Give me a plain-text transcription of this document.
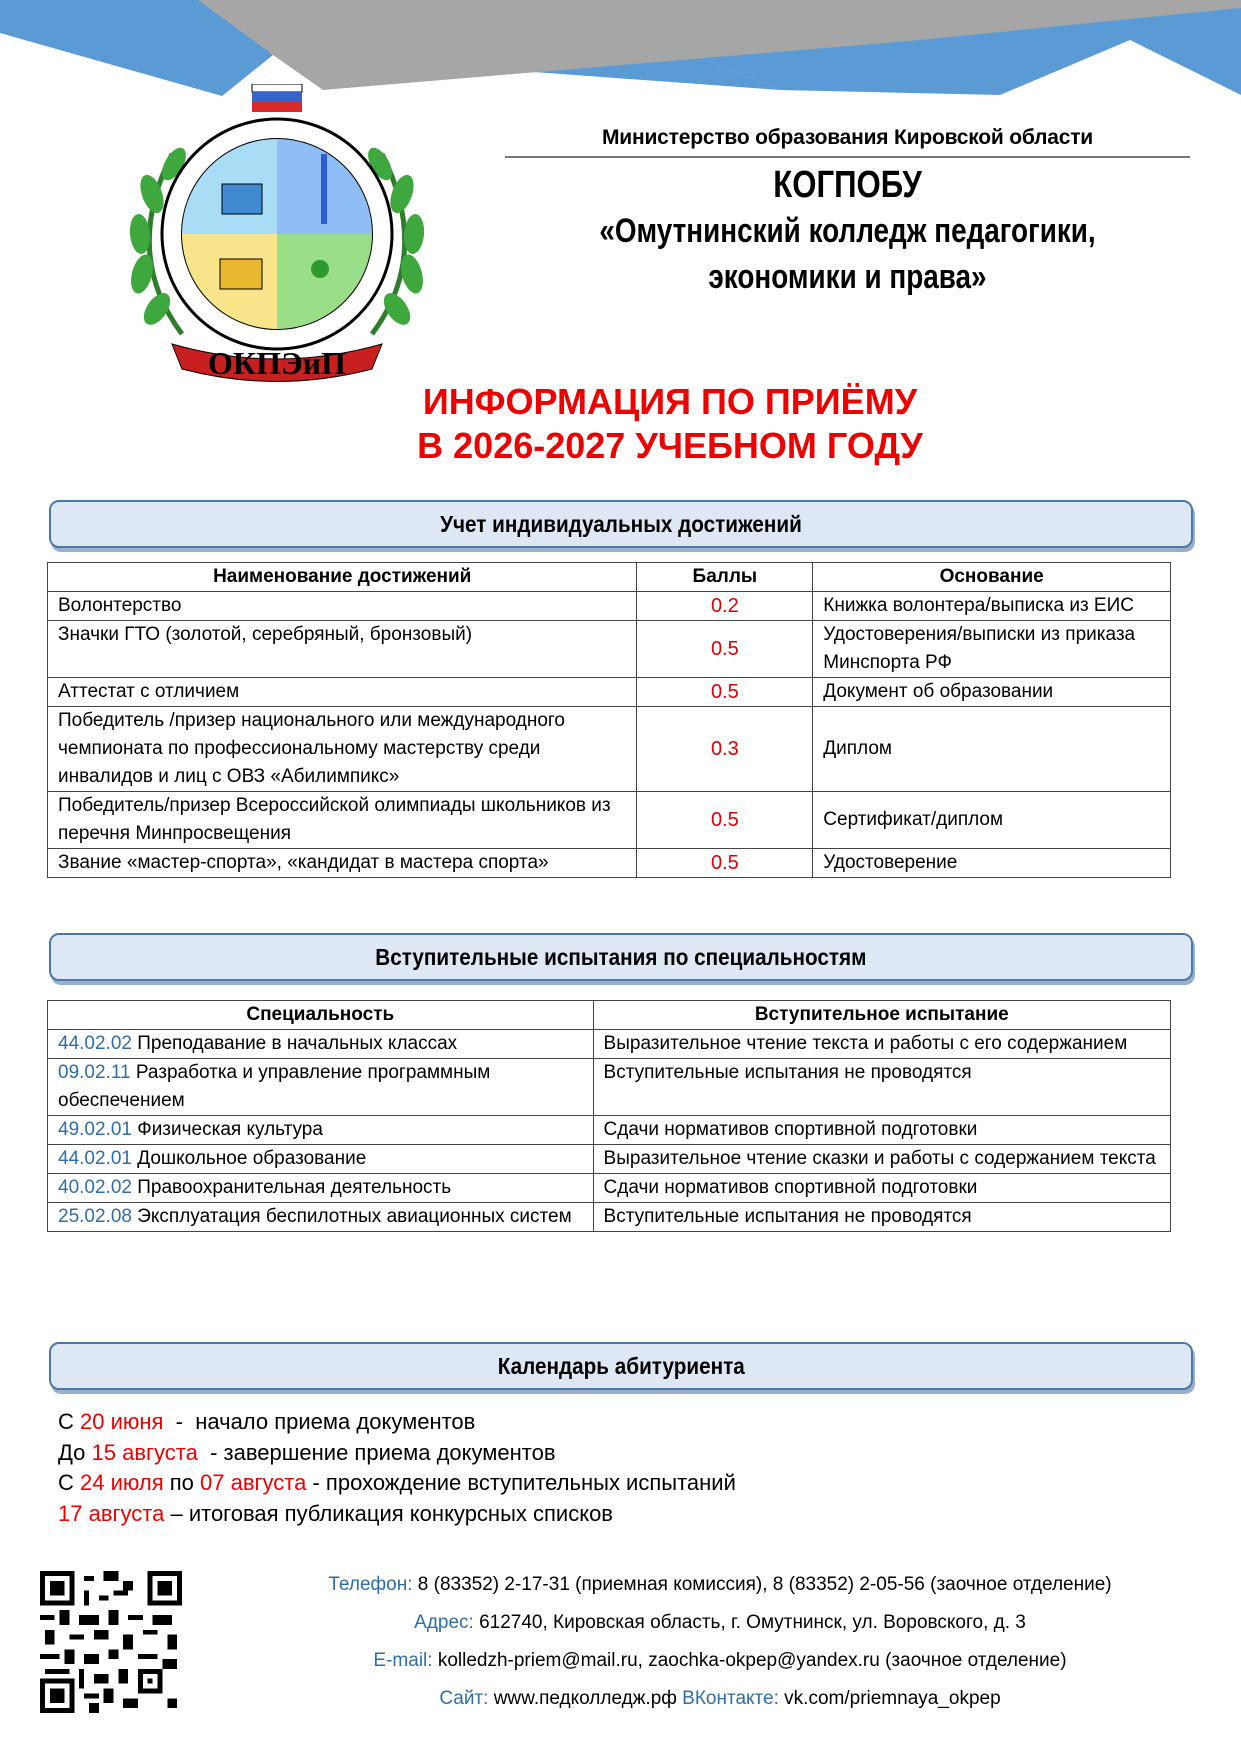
ОКПЭиП
Министерство образования Кировской области
КОГПОБУ
«Омутнинский колледж педагогики,
экономики и права»
ИНФОРМАЦИЯ ПО ПРИЁМУ
В 2026-2027 УЧЕБНОМ ГОДУ
Учет индивидуальных достижений
Наименование достижений	Баллы	Основание
Волонтерство	0.2	Книжка волонтера/выписка из ЕИС
Значки ГТО (золотой, серебряный, бронзовый)	0.5	Удостоверения/выписки из приказа Минспорта РФ
Аттестат с отличием	0.5	Документ об образовании
Победитель /призер национального или международного чемпионата по профессиональному мастерству среди инвалидов и лиц с ОВЗ «Абилимпикс»	0.3	Диплом
Победитель/призер Всероссийской олимпиады школьников из перечня Минпросвещения	0.5	Сертификат/диплом
Звание «мастер-спорта», «кандидат в мастера спорта»	0.5	Удостоверение
Вступительные испытания по специальностям
Специальность	Вступительное испытание
44.02.02 Преподавание в начальных классах	Выразительное чтение текста и работы с его содержанием
09.02.11 Разработка и управление программным обеспечением	Вступительные испытания не проводятся
49.02.01 Физическая культура	Сдачи нормативов спортивной подготовки
44.02.01 Дошкольное образование	Выразительное чтение сказки и работы с содержанием текста
40.02.02 Правоохранительная деятельность	Сдачи нормативов спортивной подготовки
25.02.08 Эксплуатация беспилотных авиационных систем	Вступительные испытания не проводятся
Календарь абитуриента
С 20 июня  -  начало приема документов
До 15 августа  - завершение приема документов
С 24 июля по 07 августа - прохождение вступительных испытаний
17 августа – итоговая публикация конкурсных списков
Телефон: 8 (83352) 2-17-31 (приемная комиссия), 8 (83352) 2-05-56 (заочное отделение)
Адрес: 612740, Кировская область, г. Омутнинск, ул. Воровского, д. 3
E-mail: kolledzh-priem@mail.ru, zaochka-okpep@yandex.ru (заочное отделение)
Сайт: www.педколледж.рф ВКонтакте: vk.com/priemnaya_okpep
